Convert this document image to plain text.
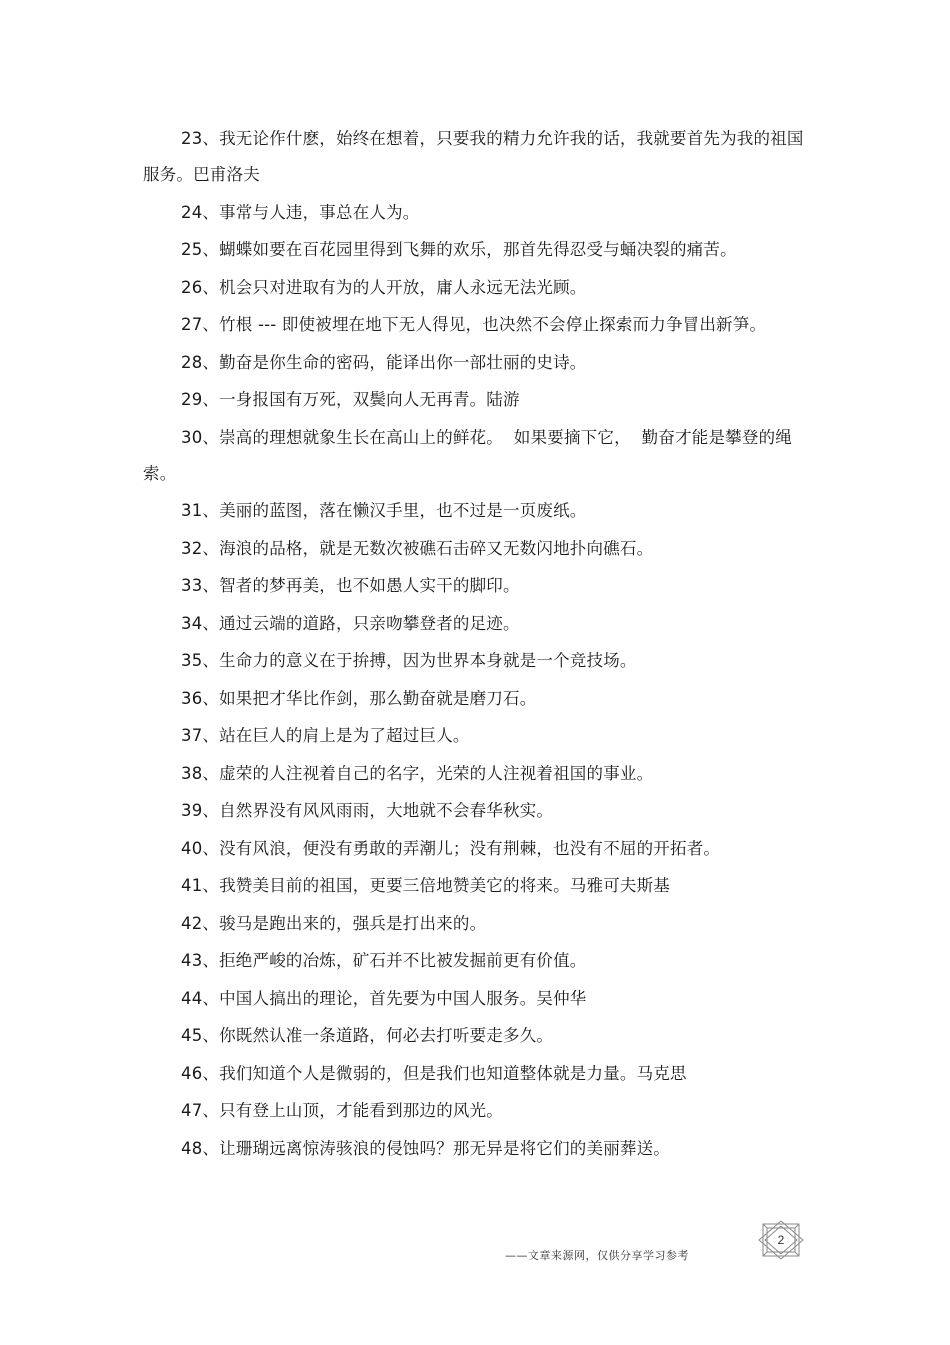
23、我无论作什麽，始终在想着，只要我的精力允许我的话，我就要首先为我的祖国服务。巴甫洛夫

24、事常与人违，事总在人为。

25、蝴蝶如要在百花园里得到飞舞的欢乐，那首先得忍受与蛹决裂的痛苦。

26、机会只对进取有为的人开放，庸人永远无法光顾。

27、竹根 --- 即使被埋在地下无人得见，也决然不会停止探索而力争冒出新笋。

28、勤奋是你生命的密码，能译出你一部壮丽的史诗。

29、一身报国有万死，双鬓向人无再青。陆游

30、崇高的理想就象生长在高山上的鲜花。  如果要摘下它，  勤奋才能是攀登的绳索。

31、美丽的蓝图，落在懒汉手里，也不过是一页废纸。

32、海浪的品格，就是无数次被礁石击碎又无数闪地扑向礁石。

33、智者的梦再美，也不如愚人实干的脚印。

34、通过云端的道路，只亲吻攀登者的足迹。

35、生命力的意义在于拚搏，因为世界本身就是一个竞技场。

36、如果把才华比作剑，那么勤奋就是磨刀石。

37、站在巨人的肩上是为了超过巨人。

38、虚荣的人注视着自己的名字，光荣的人注视着祖国的事业。

39、自然界没有风风雨雨，大地就不会春华秋实。

40、没有风浪，便没有勇敢的弄潮儿；没有荆棘，也没有不屈的开拓者。

41、我赞美目前的祖国，更要三倍地赞美它的将来。马雅可夫斯基

42、骏马是跑出来的，强兵是打出来的。

43、拒绝严峻的冶炼，矿石并不比被发掘前更有价值。

44、中国人搞出的理论，首先要为中国人服务。吴仲华

45、你既然认准一条道路，何必去打听要走多久。

46、我们知道个人是微弱的，但是我们也知道整体就是力量。马克思

47、只有登上山顶，才能看到那边的风光。

48、让珊瑚远离惊涛骇浪的侵蚀吗？那无异是将它们的美丽葬送。

2
——文章来源网，仅供分享学习参考
